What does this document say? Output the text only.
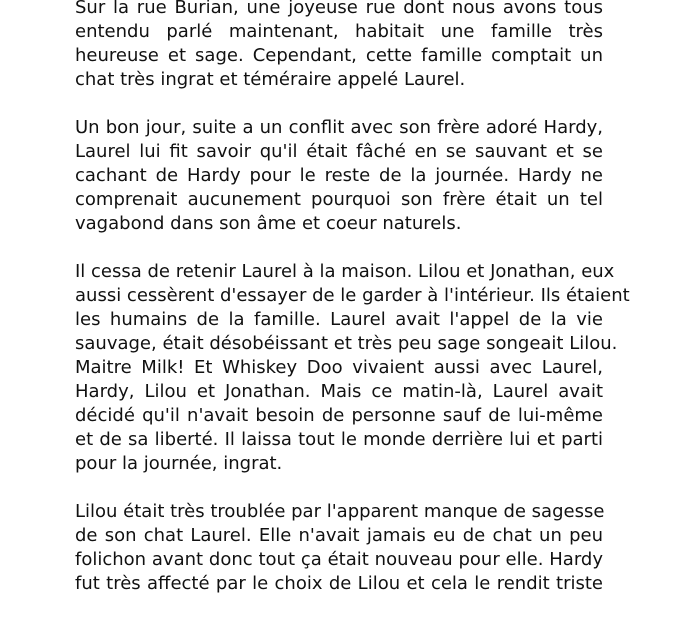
Sur la rue Burian, une joyeuse rue dont nous avons tous
entendu parlé maintenant, habitait une famille très
heureuse et sage. Cependant, cette famille comptait un
chat très ingrat et téméraire appelé Laurel.

Un bon jour, suite a un conflit avec son frère adoré Hardy,
Laurel lui fit savoir qu'il était fâché en se sauvant et se
cachant de Hardy pour le reste de la journée. Hardy ne
comprenait aucunement pourquoi son frère était un tel
vagabond dans son âme et coeur naturels.

Il cessa de retenir Laurel à la maison. Lilou et Jonathan, eux
aussi cessèrent d'essayer de le garder à l'intérieur. Ils étaient
les humains de la famille. Laurel avait l'appel de la vie
sauvage, était désobéissant et très peu sage songeait Lilou.
Maitre Milk! Et Whiskey Doo vivaient aussi avec Laurel,
Hardy, Lilou et Jonathan. Mais ce matin-là, Laurel avait
décidé qu'il n'avait besoin de personne sauf de lui-même
et de sa liberté. Il laissa tout le monde derrière lui et parti
pour la journée, ingrat.

Lilou était très troublée par l'apparent manque de sagesse
de son chat Laurel. Elle n'avait jamais eu de chat un peu
folichon avant donc tout ça était nouveau pour elle. Hardy
fut très affecté par le choix de Lilou et cela le rendit triste
